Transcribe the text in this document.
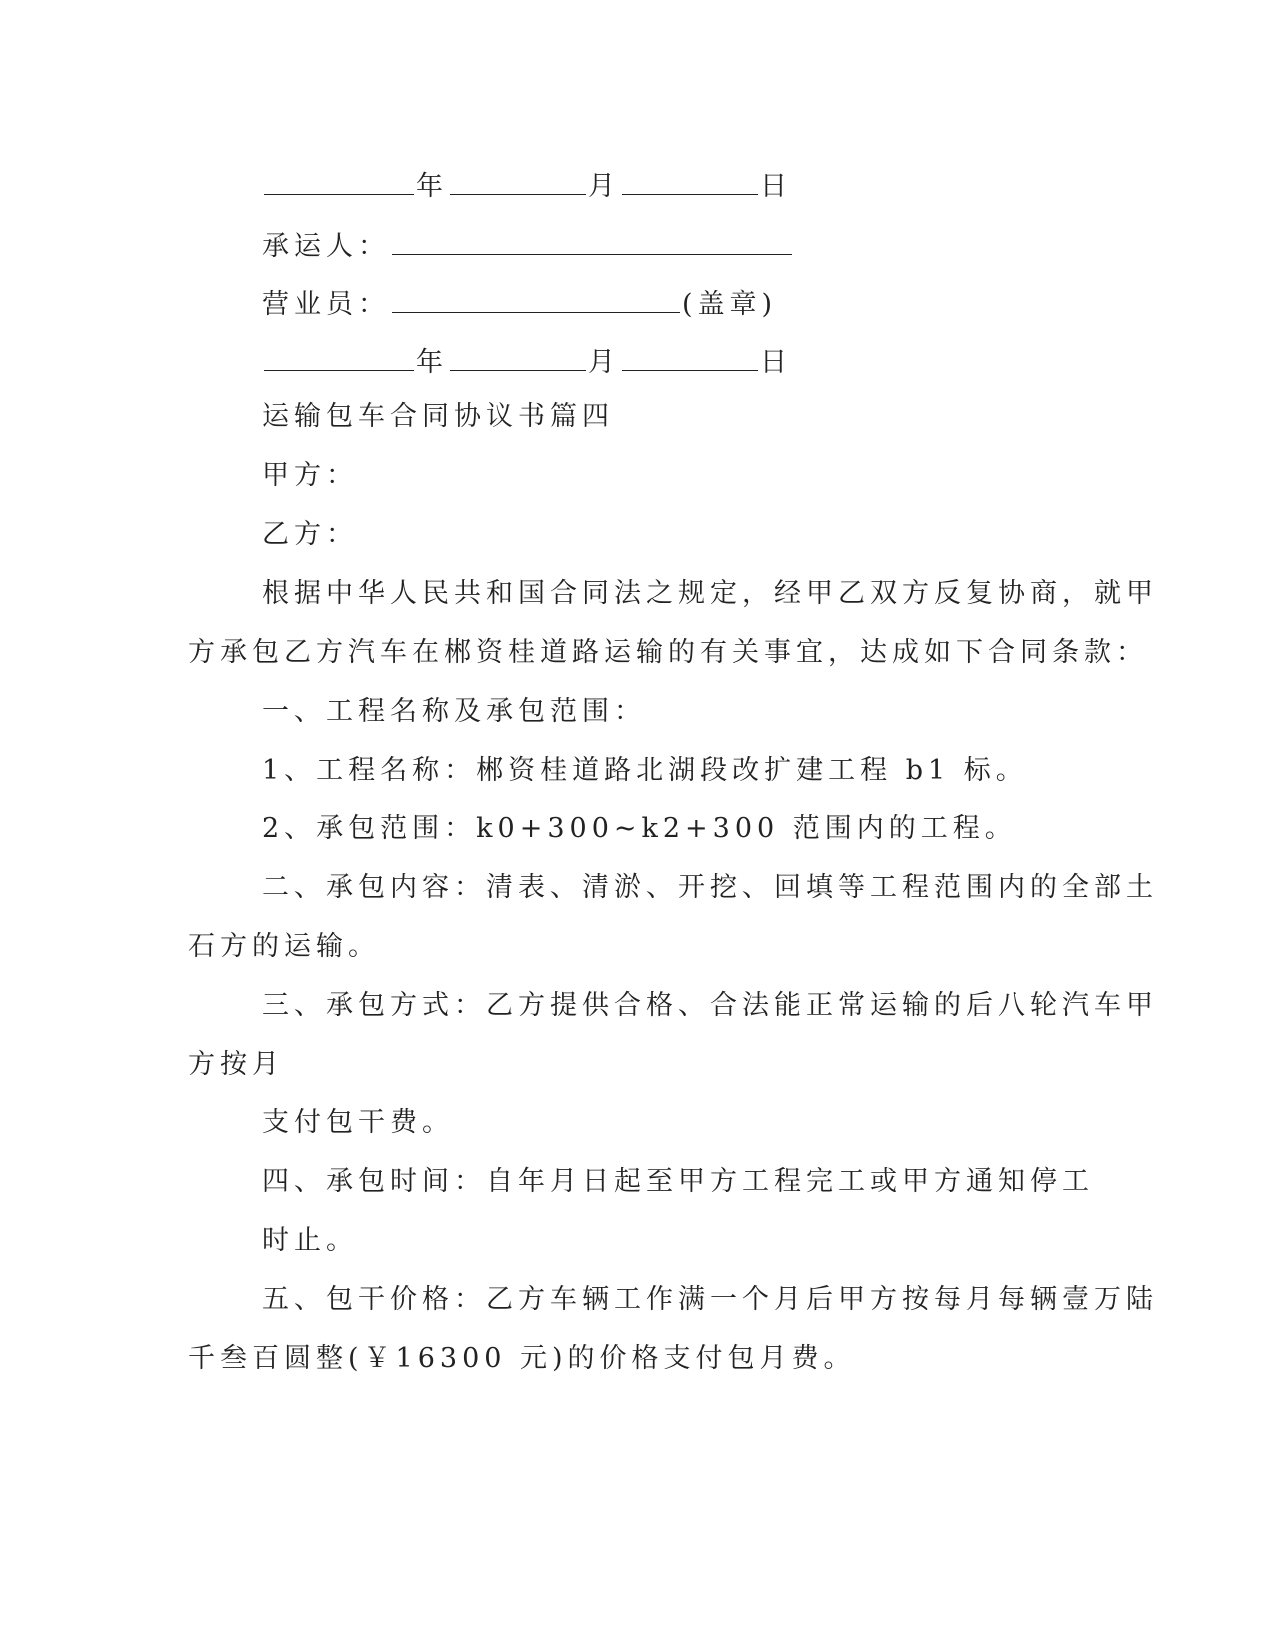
年	月	日
承运人：
营业员：	(盖章)
年	月	日
运输包车合同协议书篇四
甲方：
乙方：
根据中华人民共和国合同法之规定，经甲乙双方反复协商，就甲
方承包乙方汽车在郴资桂道路运输的有关事宜，达成如下合同条款：
一、工程名称及承包范围：
1、工程名称：郴资桂道路北湖段改扩建工程 b1 标。
2、承包范围：k0+300~k2+300 范围内的工程。
二、承包内容：清表、清淤、开挖、回填等工程范围内的全部土
石方的运输。
三、承包方式：乙方提供合格、合法能正常运输的后八轮汽车甲
方按月
支付包干费。
四、承包时间：自年月日起至甲方工程完工或甲方通知停工
时止。
五、包干价格：乙方车辆工作满一个月后甲方按每月每辆壹万陆
千叁百圆整(￥16300 元)的价格支付包月费。
